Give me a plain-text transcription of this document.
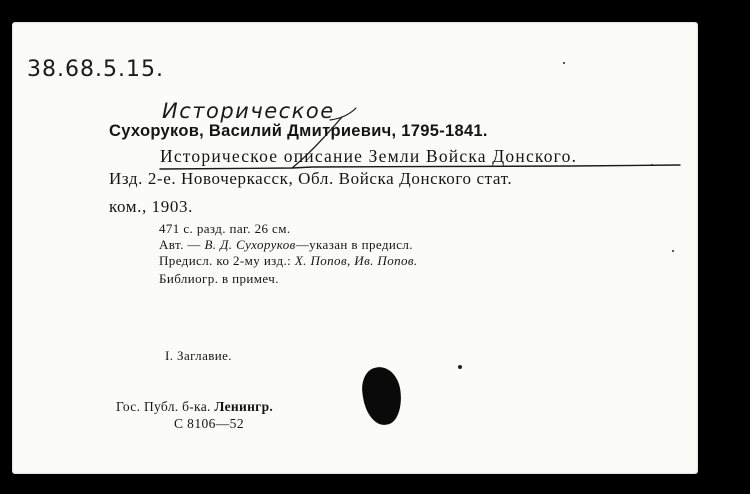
38.68.5.15.
Историческое
Сухоруков, Василий Дмитриевич, 1795-1841.
Историческое описание Земли Войска Донского.
Изд. 2-е. Новочеркасск, Обл. Войска Донского стат.
ком., 1903.
471 с. разд. паг. 26 см.
Авт. — В. Д. Сухоруков—указан в предисл.
Предисл. ко 2-му изд.: Х. Попов, Ив. Попов.
Библиогр. в примеч.
I. Заглавие.
Гос. Публ. б-ка. Ленингр.
С 8106—52
